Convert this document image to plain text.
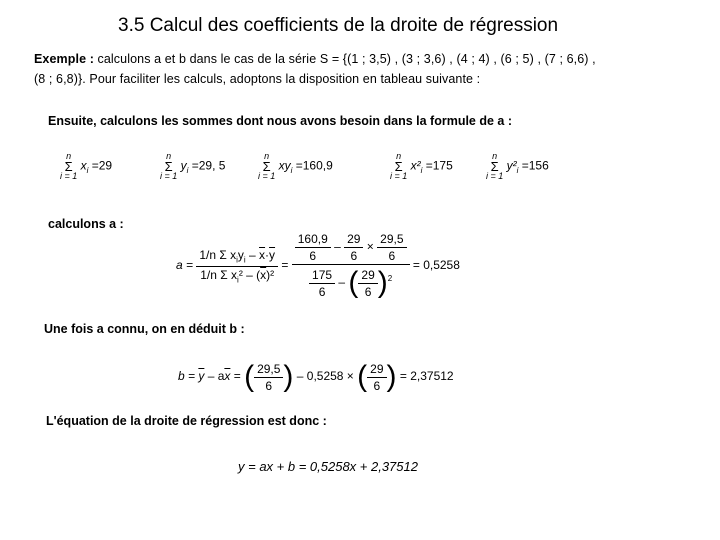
3.5 Calcul des coefficients de la droite de régression
Exemple : calculons a et b dans le cas de la série S = {(1 ; 3,5) , (3 ; 3,6) , (4 ; 4) , (6 ; 5) , (7 ; 6,6) ,
(8 ; 6,8)}. Pour faciliter les calculs, adoptons la disposition en tableau suivante :
Ensuite, calculons les sommes dont nous avons besoin dans la formule de a :
n
Σ
i = 1
$x_i =29$
n
Σ
i = 1
$y_i =29$, 5
n
Σ
i = 1
$xy_i =160,9$
n
Σ
i = 1
$x^2_i =175$
n
Σ
i = 1
$y^2_i =156$
calculons a :
$a = \frac{1/n \Sigma x_iy_i - \overline{x}\cdot\overline{y}}{1/n \Sigma x_i^2 - (\overline{x})^2} = \frac{\frac{160,9}{6} - \frac{29}{6} \times \frac{29,5}{6}}{\frac{175}{6} - ( \frac{29}{6} )^2} = 0,5258$
Une fois a connu, on en déduit b :
$b = \overline{y} - a\overline{x}$ = ( $\frac{29,5}{6}$ ) – 0,5258 × ( $\frac{29}{6}$ ) = 2,37512
L'équation de la droite de régression est donc :
y = ax + b = 0,5258x + 2,37512
